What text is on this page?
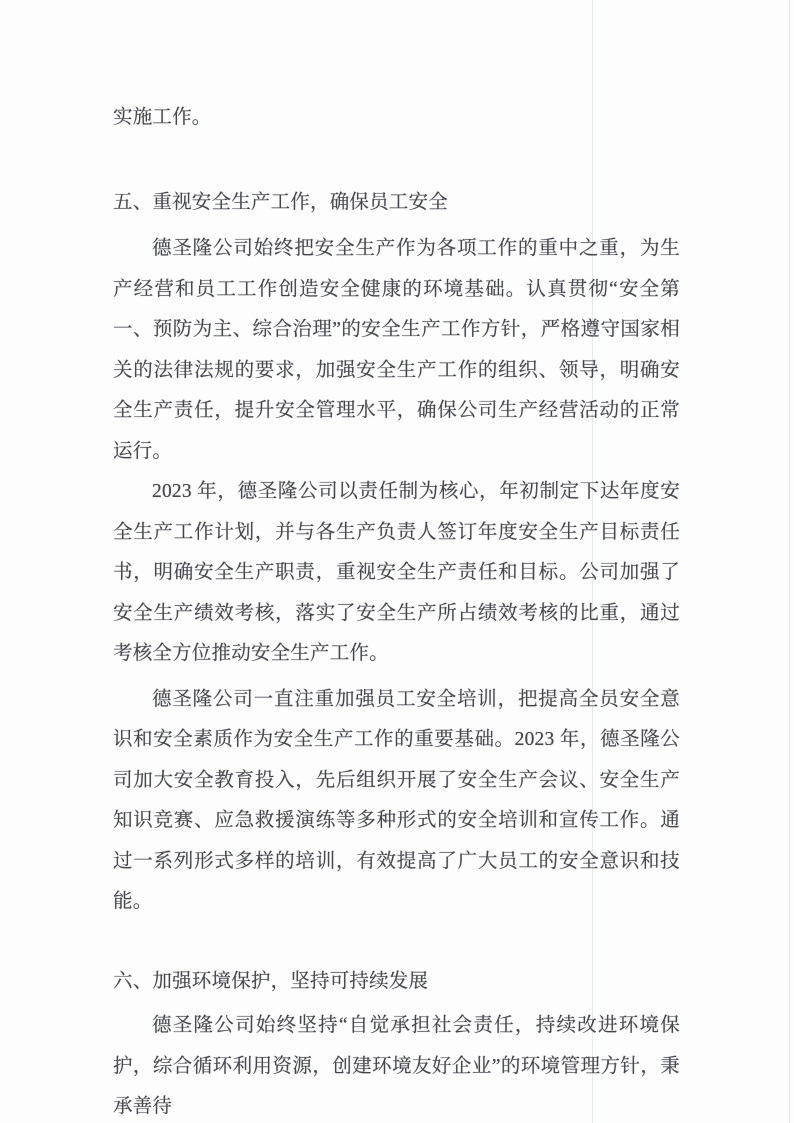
实施工作。
五、重视安全生产工作，确保员工安全
德圣隆公司始终把安全生产作为各项工作的重中之重，为生产经营和员工工作创造安全健康的环境基础。认真贯彻“安全第一、预防为主、综合治理”的安全生产工作方针，严格遵守国家相关的法律法规的要求，加强安全生产工作的组织、领导，明确安全生产责任，提升安全管理水平，确保公司生产经营活动的正常运行。
2023 年，德圣隆公司以责任制为核心，年初制定下达年度安全生产工作计划，并与各生产负责人签订年度安全生产目标责任书，明确安全生产职责，重视安全生产责任和目标。公司加强了安全生产绩效考核，落实了安全生产所占绩效考核的比重，通过考核全方位推动安全生产工作。
德圣隆公司一直注重加强员工安全培训，把提高全员安全意识和安全素质作为安全生产工作的重要基础。2023 年，德圣隆公司加大安全教育投入，先后组织开展了安全生产会议、安全生产知识竞赛、应急救援演练等多种形式的安全培训和宣传工作。通过一系列形式多样的培训，有效提高了广大员工的安全意识和技能。
六、加强环境保护，坚持可持续发展
德圣隆公司始终坚持“自觉承担社会责任，持续改进环境保护，综合循环利用资源，创建环境友好企业”的环境管理方针，秉承善待
